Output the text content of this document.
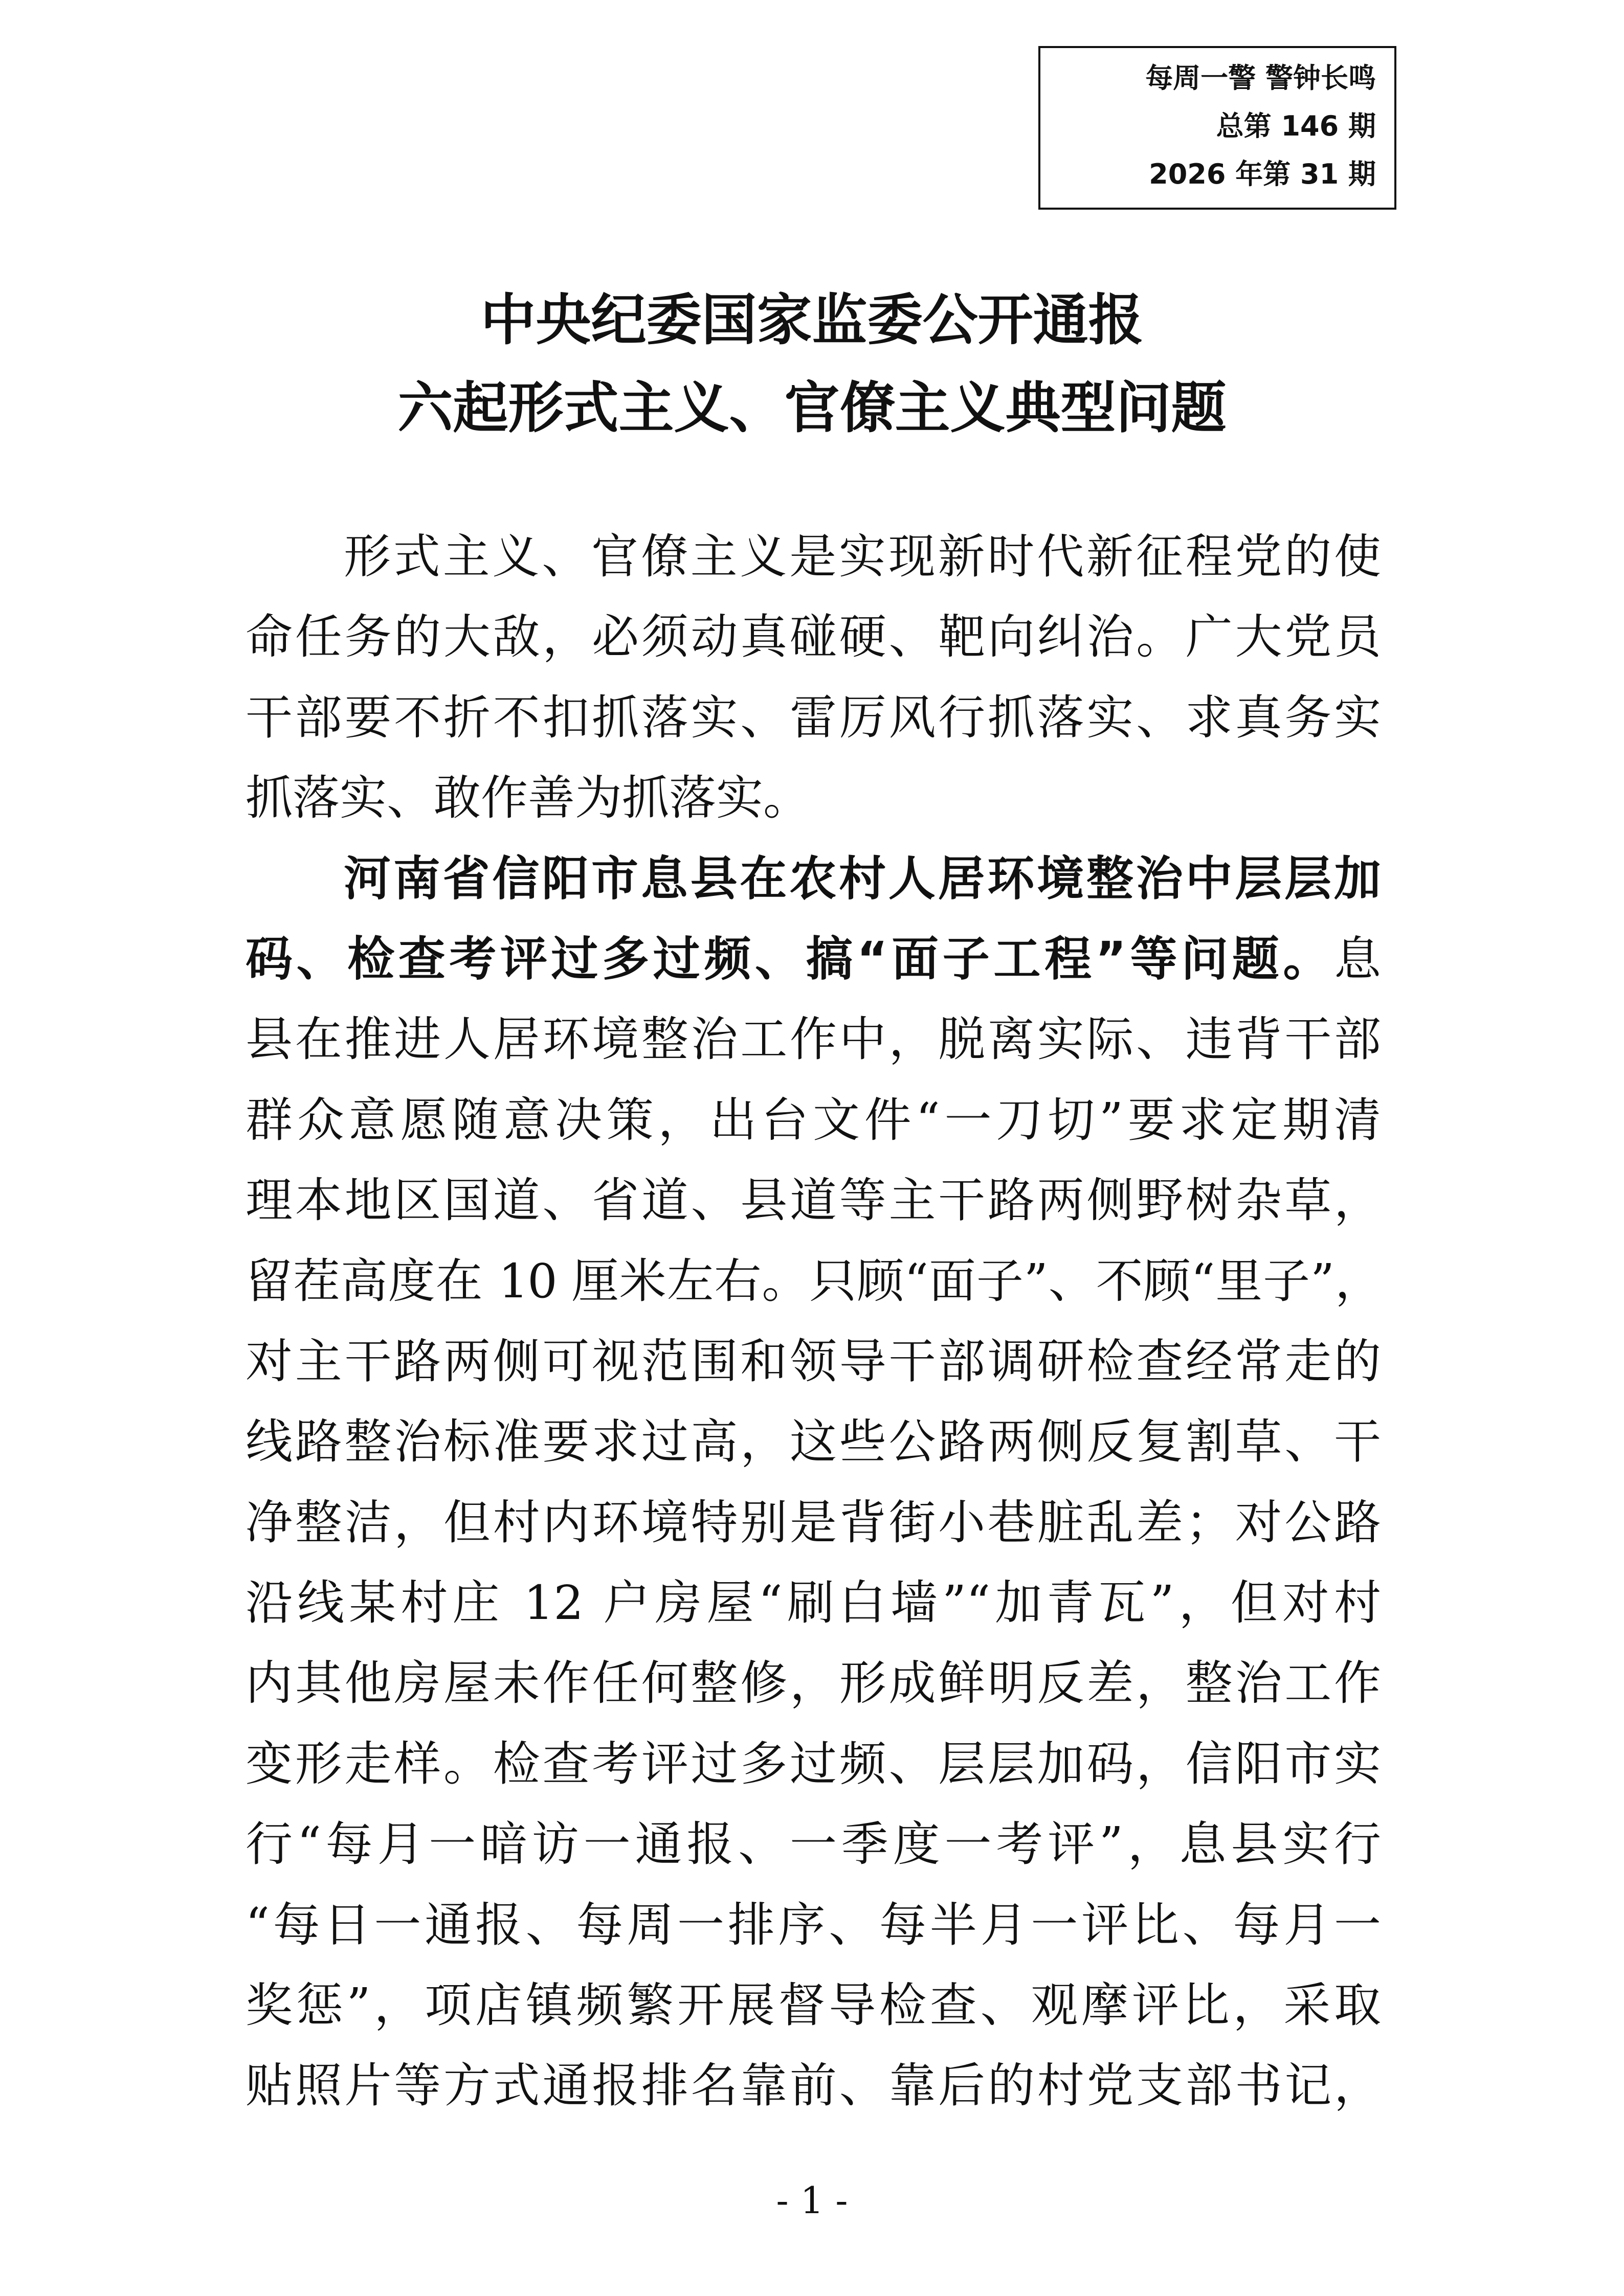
每周一警 警钟长鸣
总第 146 期
2026 年第 31 期
中央纪委国家监委公开通报
六起形式主义、官僚主义典型问题
形式主义、官僚主义是实现新时代新征程党的使
命任务的大敌，必须动真碰硬、靶向纠治。广大党员
干部要不折不扣抓落实、雷厉风行抓落实、求真务实
抓落实、敢作善为抓落实。
河南省信阳市息县在农村人居环境整治中层层加
码、检查考评过多过频、搞“面子工程”等问题。息
县在推进人居环境整治工作中，脱离实际、违背干部
群众意愿随意决策，出台文件“一刀切”要求定期清
理本地区国道、省道、县道等主干路两侧野树杂草，
留茬高度在 10 厘米左右。只顾“面子”、不顾“里子”，
对主干路两侧可视范围和领导干部调研检查经常走的
线路整治标准要求过高，这些公路两侧反复割草、干
净整洁，但村内环境特别是背街小巷脏乱差；对公路
沿线某村庄 12 户房屋“刷白墙”“加青瓦”，但对村
内其他房屋未作任何整修，形成鲜明反差，整治工作
变形走样。检查考评过多过频、层层加码，信阳市实
行“每月一暗访一通报、一季度一考评”，息县实行
“每日一通报、每周一排序、每半月一评比、每月一
奖惩”，项店镇频繁开展督导检查、观摩评比，采取
贴照片等方式通报排名靠前、靠后的村党支部书记，
- 1 -
